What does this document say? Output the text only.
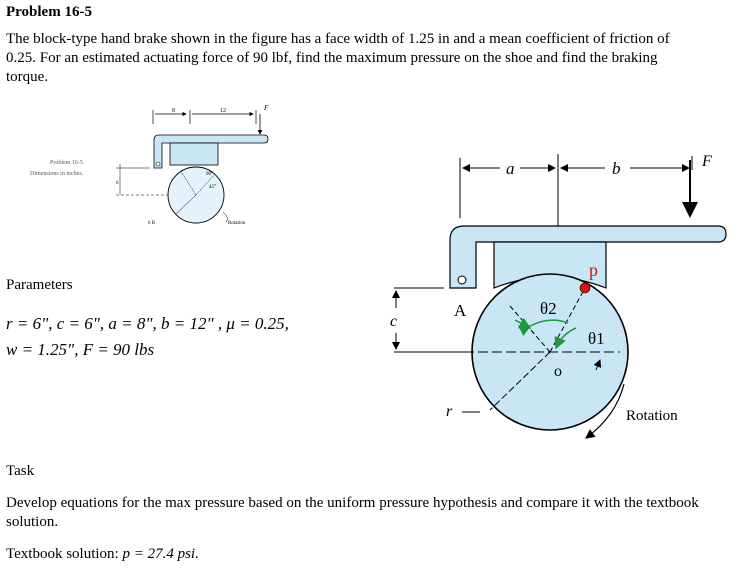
Problem 16-5
The block-type hand brake shown in the figure has a face width of 1.25 in and a mean coefficient of friction of 0.25. For an estimated actuating force of 90 lbf, find the maximum pressure on the shoe and find the braking torque.
8	12	F
90°
45°
6 R	Rotation
6
Problem 16-5
Dimensions in inches.
Parameters
r = 6", c = 6", a = 8", b = 12" , μ = 0.25,
w = 1.25", F = 90 lbs
a	b	F
A	θ2
θ1
o
p
c
r	Rotation
Task
Develop equations for the max pressure based on the uniform pressure hypothesis and compare it with the textbook solution.
Textbook solution: p = 27.4 psi.
